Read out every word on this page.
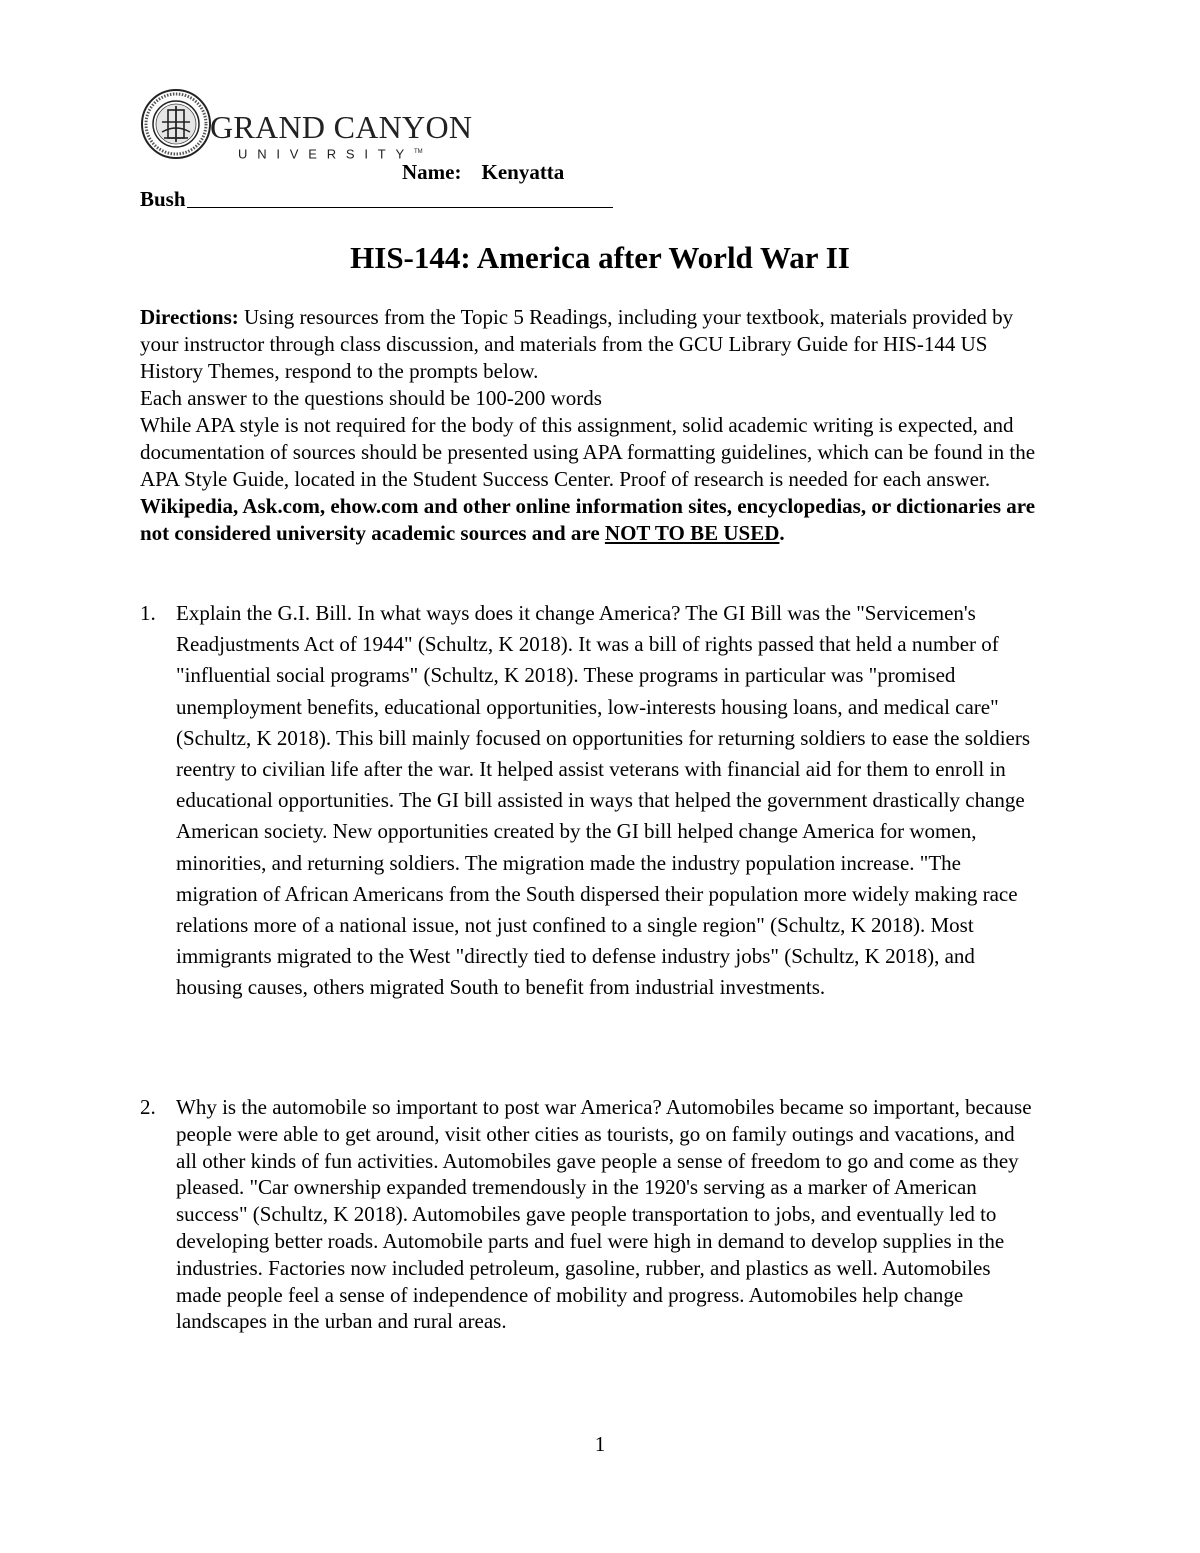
GRAND CANYON
UNIVERSITY™
Name: Kenyatta
Bush
HIS-144: America after World War II

Directions: Using resources from the Topic 5 Readings, including your textbook, materials provided by your instructor through class discussion, and materials from the GCU Library Guide for HIS-144 US History Themes, respond to the prompts below.

Each answer to the questions should be 100-200 words

While APA style is not required for the body of this assignment, solid academic writing is expected, and documentation of sources should be presented using APA formatting guidelines, which can be found in the APA Style Guide, located in the Student Success Center. Proof of research is needed for each answer.

Wikipedia, Ask.com, ehow.com and other online information sites, encyclopedias, or dictionaries are not considered university academic sources and are NOT TO BE USED.

1. Explain the G.I. Bill. In what ways does it change America? The GI Bill was the "Servicemen's Readjustments Act of 1944" (Schultz, K 2018). It was a bill of rights passed that held a number of "influential social programs" (Schultz, K 2018). These programs in particular was "promised unemployment benefits, educational opportunities, low-interests housing loans, and medical care" (Schultz, K 2018). This bill mainly focused on opportunities for returning soldiers to ease the soldiers reentry to civilian life after the war. It helped assist veterans with financial aid for them to enroll in educational opportunities. The GI bill assisted in ways that helped the government drastically change American society. New opportunities created by the GI bill helped change America for women, minorities, and returning soldiers. The migration made the industry population increase. "The migration of African Americans from the South dispersed their population more widely making race relations more of a national issue, not just confined to a single region" (Schultz, K 2018). Most immigrants migrated to the West "directly tied to defense industry jobs" (Schultz, K 2018), and housing causes, others migrated South to benefit from industrial investments.
2. Why is the automobile so important to post war America? Automobiles became so important, because people were able to get around, visit other cities as tourists, go on family outings and vacations, and all other kinds of fun activities. Automobiles gave people a sense of freedom to go and come as they pleased. "Car ownership expanded tremendously in the 1920's serving as a marker of American success" (Schultz, K 2018). Automobiles gave people transportation to jobs, and eventually led to developing better roads. Automobile parts and fuel were high in demand to develop supplies in the industries. Factories now included petroleum, gasoline, rubber, and plastics as well. Automobiles made people feel a sense of independence of mobility and progress. Automobiles help change landscapes in the urban and rural areas.
1
